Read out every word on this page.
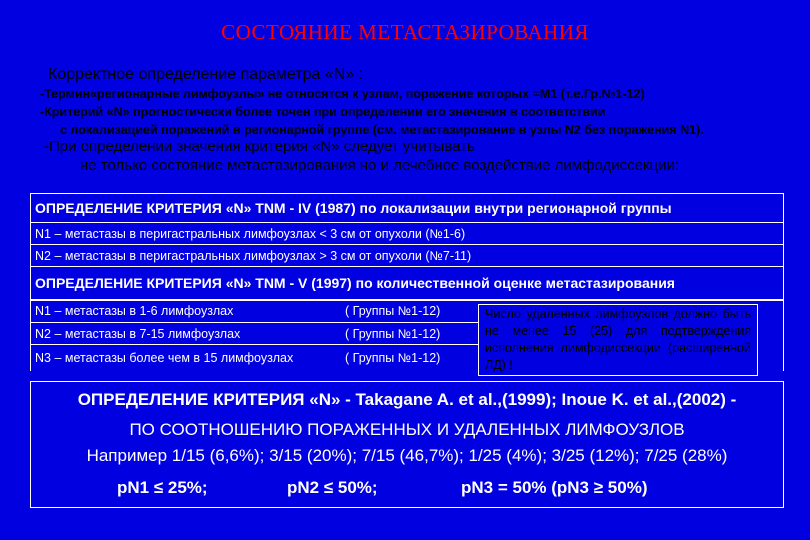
СОСТОЯНИЕ МЕТАСТАЗИРОВАНИЯ
Корректное определение параметра «N» :
-Термин«регионарные лимфоузлы» не относятся к узлам, поражение которых =М1 (т.е.Гр.№1-12)
-Критерий «N» прогностически более точен при определении его значения в соответствии
с локализацией поражений в регионарной группе (см. метастазирование в узлы N2 без поражения N1).
-При определении значения критерия «N» следует учитывать
не только состояние метастазирования но и лечебное воздействие лимфодиссекции:
ОПРЕДЕЛЕНИЕ КРИТЕРИЯ «N» TNM - IV (1987) по локализации внутри регионарной группы
N1 – метастазы в перигастральных лимфоузлах < 3 см от опухоли (№1-6)
N2 – метастазы в перигастральных лимфоузлах > 3 см от опухоли (№7-11)
ОПРЕДЕЛЕНИЕ КРИТЕРИЯ «N» TNM - V (1997) по количественной оценке метастазирования
N1 – метастазы в 1-6 лимфоузлах	( Группы №1-12)
N2 – метастазы в 7-15 лимфоузлах	( Группы №1-12)
N3 – метастазы более чем в 15 лимфоузлах	( Группы №1-12)
Число удаленных лимфоузлов должно быть не менее 15 (25) для подтверждения исполнения лимфодиссекции (расширенной ЛД) !
ОПРЕДЕЛЕНИЕ КРИТЕРИЯ «N» - Takagane A. et al.,(1999); Inoue K. et al.,(2002) -
ПО СООТНОШЕНИЮ ПОРАЖЕННЫХ И УДАЛЕННЫХ ЛИМФОУЗЛОВ
Например 1/15 (6,6%); 3/15 (20%); 7/15 (46,7%); 1/25 (4%); 3/25 (12%); 7/25 (28%)
pN1 ≤ 25%;	pN2 ≤ 50%;	pN3 = 50% (pN3 ≥ 50%)
